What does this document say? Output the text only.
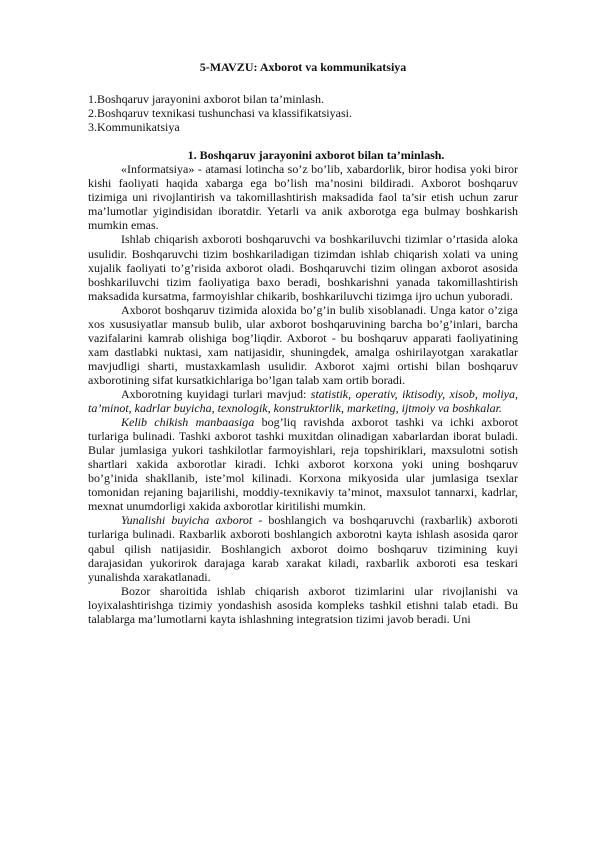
5-MAVZU: Axborot va kommunikatsiya
1.Boshqaruv jarayonini axborot bilan ta’minlash.
2.Boshqaruv texnikasi tushunchasi va klassifikatsiyasi.
3.Kommunikatsiya
1. Boshqaruv jarayonini axborot bilan ta’minlash.

«Informatsiya» - atamasi lotincha so’z bo’lib, xabardorlik, biror hodisa yoki biror kishi faoliyati haqida xabarga ega bo’lish ma’nosini bildiradi. Axborot boshqaruv tizimiga uni rivojlantirish va takomillashtirish maksadida faol ta’sir etish uchun zarur ma’lumotlar yigindisidan iboratdir. Yetarli va anik axborotga ega bulmay boshkarish mumkin emas.

Ishlab chiqarish axboroti boshqaruvchi va boshkariluvchi tizimlar o’rtasida aloka usulidir. Boshqaruvchi tizim boshkariladigan tizimdan ishlab chiqarish xolati va uning xujalik faoliyati to’g’risida axborot oladi. Boshqaruvchi tizim olingan axborot asosida boshkariluvchi tizim faoliyatiga baxo beradi, boshkarishni yanada takomillashtirish maksadida kursatma, farmoyishlar chikarib, boshkariluvchi tizimga ijro uchun yuboradi.

Axborot boshqaruv tizimida aloxida bo’g’in bulib xisoblanadi. Unga kator o’ziga xos xususiyatlar mansub bulib, ular axborot boshqaruvining barcha bo’g’inlari, barcha vazifalarini kamrab olishiga bog’liqdir. Axborot - bu boshqaruv apparati faoliyatining xam dastlabki nuktasi, xam natijasidir, shuningdek, amalga oshirilayotgan xarakatlar mavjudligi sharti, mustaxkamlash usulidir. Axborot xajmi ortishi bilan boshqaruv axborotining sifat kursatkichlariga bo’lgan talab xam ortib boradi.

Axborotning kuyidagi turlari mavjud: statistik, operativ, iktisodiy, xisob, moliya, ta’minot, kadrlar buyicha, texnologik, konstruktorlik, marketing, ijtmoiy va boshkalar.

Kelib chikish manbaasiga bog’liq ravishda axborot tashki va ichki axborot turlariga bulinadi. Tashki axborot tashki muxitdan olinadigan xabarlardan iborat buladi. Bular jumlasiga yukori tashkilotlar farmoyishlari, reja topshiriklari, maxsulotni sotish shartlari xakida axborotlar kiradi. Ichki axborot korxona yoki uning boshqaruv bo’g’inida shakllanib, iste’mol kilinadi. Korxona mikyosida ular jumlasiga tsexlar tomonidan rejaning bajarilishi, moddiy-texnikaviy ta’minot, maxsulot tannarxi, kadrlar, mexnat unumdorligi xakida axborotlar kiritilishi mumkin.

Yunalishi buyicha axborot - boshlangich va boshqaruvchi (raxbarlik) axboroti turlariga bulinadi. Raxbarlik axboroti boshlangich axborotni kayta ishlash asosida qaror qabul qilish natijasidir. Boshlangich axborot doimo boshqaruv tizimining kuyi darajasidan yukorirok darajaga karab xarakat kiladi, raxbarlik axboroti esa teskari yunalishda xarakatlanadi.

Bozor sharoitida ishlab chiqarish axborot tizimlarini ular rivojlanishi va loyixalashtirishga tizimiy yondashish asosida kompleks tashkil etishni talab etadi. Bu talablarga ma’lumotlarni kayta ishlashning integratsion tizimi javob beradi. Uni
